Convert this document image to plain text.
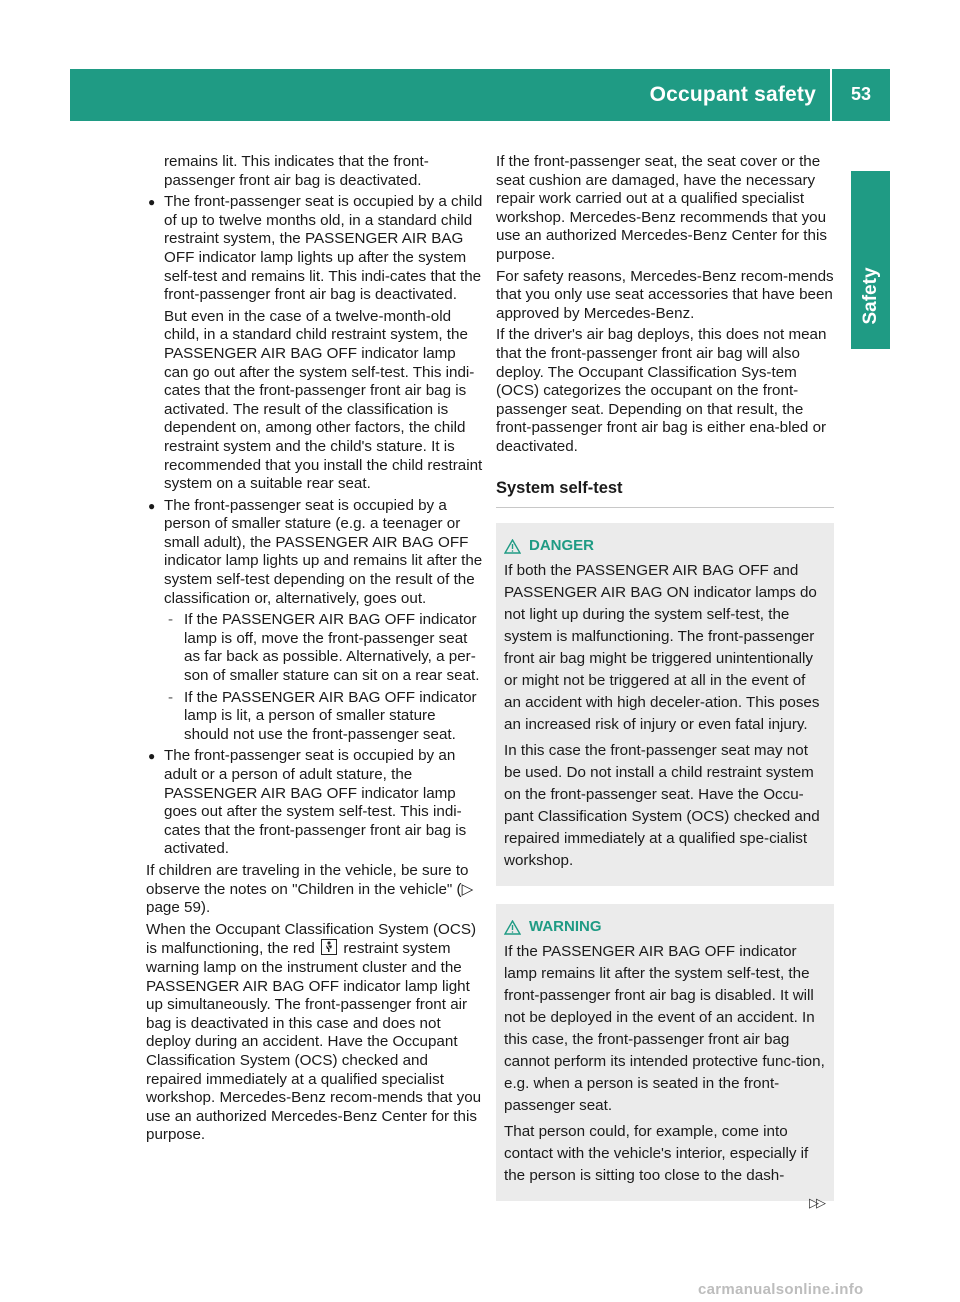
Occupant safety 53
Safety

remains lit. This indicates that the front-passenger front air bag is deactivated.

● The front-passenger seat is occupied by a child of up to twelve months old, in a standard child restraint system, the PASSENGER AIR BAG OFF indicator lamp lights up after the system self-test and remains lit. This indi-cates that the front-passenger front air bag is deactivated.

But even in the case of a twelve-month-old child, in a standard child restraint system, the PASSENGER AIR BAG OFF indicator lamp can go out after the system self-test. This indi-cates that the front-passenger front air bag is activated. The result of the classification is dependent on, among other factors, the child restraint system and the child's stature. It is recommended that you install the child restraint system on a suitable rear seat.

● The front-passenger seat is occupied by a person of smaller stature (e.g. a teenager or small adult), the PASSENGER AIR BAG OFF indicator lamp lights up and remains lit after the system self-test depending on the result of the classification or, alternatively, goes out.
- If the PASSENGER AIR BAG OFF indicator lamp is off, move the front-passenger seat as far back as possible. Alternatively, a per-son of smaller stature can sit on a rear seat.
- If the PASSENGER AIR BAG OFF indicator lamp is lit, a person of smaller stature should not use the front-passenger seat.
● The front-passenger seat is occupied by an adult or a person of adult stature, the PASSENGER AIR BAG OFF indicator lamp goes out after the system self-test. This indi-cates that the front-passenger front air bag is activated.

If children are traveling in the vehicle, be sure to observe the notes on "Children in the vehicle" (▷ page 59).

When the Occupant Classification System (OCS) is malfunctioning, the red restraint system warning lamp on the instrument cluster and the PASSENGER AIR BAG OFF indicator lamp light up simultaneously. The front-passenger front air bag is deactivated in this case and does not deploy during an accident. Have the Occupant Classification System (OCS) checked and repaired immediately at a qualified specialist workshop. Mercedes-Benz recom-mends that you use an authorized Mercedes-Benz Center for this purpose.

If the front-passenger seat, the seat cover or the seat cushion are damaged, have the necessary repair work carried out at a qualified specialist workshop. Mercedes-Benz recommends that you use an authorized Mercedes-Benz Center for this purpose.

For safety reasons, Mercedes-Benz recom-mends that you only use seat accessories that have been approved by Mercedes-Benz.

If the driver's air bag deploys, this does not mean that the front-passenger front air bag will also deploy. The Occupant Classification Sys-tem (OCS) categorizes the occupant on the front-passenger seat. Depending on that result, the front-passenger front air bag is either ena-bled or deactivated.

System self-test
DANGER

If both the PASSENGER AIR BAG OFF and PASSENGER AIR BAG ON indicator lamps do not light up during the system self-test, the system is malfunctioning. The front-passenger front air bag might be triggered unintentionally or might not be triggered at all in the event of an accident with high deceler-ation. This poses an increased risk of injury or even fatal injury.

In this case the front-passenger seat may not be used. Do not install a child restraint system on the front-passenger seat. Have the Occu-pant Classification System (OCS) checked and repaired immediately at a qualified spe-cialist workshop.

WARNING

If the PASSENGER AIR BAG OFF indicator lamp remains lit after the system self-test, the front-passenger front air bag is disabled. It will not be deployed in the event of an accident. In this case, the front-passenger front air bag cannot perform its intended protective func-tion, e.g. when a person is seated in the front-passenger seat.

That person could, for example, come into contact with the vehicle's interior, especially if the person is sitting too close to the dash-

▷▷
carmanualsonline.info
